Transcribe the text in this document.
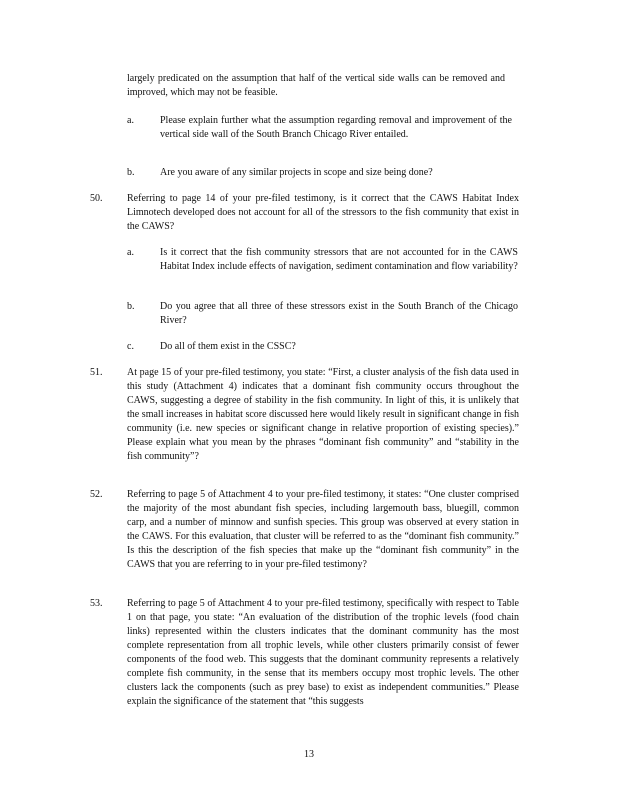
largely predicated on the assumption that half of the vertical side walls can be removed and improved, which may not be feasible.
a.	Please explain further what the assumption regarding removal and improvement of the vertical side wall of the South Branch Chicago River entailed.
b.	Are you aware of any similar projects in scope and size being done?
50. Referring to page 14 of your pre-filed testimony, is it correct that the CAWS Habitat Index Limnotech developed does not account for all of the stressors to the fish community that exist in the CAWS?
a.	Is it correct that the fish community stressors that are not accounted for in the CAWS Habitat Index include effects of navigation, sediment contamination and flow variability?
b.	Do you agree that all three of these stressors exist in the South Branch of the Chicago River?
c.	Do all of them exist in the CSSC?
51. At page 15 of your pre-filed testimony, you state: “First, a cluster analysis of the fish data used in this study (Attachment 4) indicates that a dominant fish community occurs throughout the CAWS, suggesting a degree of stability in the fish community. In light of this, it is unlikely that the small increases in habitat score discussed here would likely result in significant change in fish community (i.e. new species or significant change in relative proportion of existing species).” Please explain what you mean by the phrases “dominant fish community” and “stability in the fish community”?
52. Referring to page 5 of Attachment 4 to your pre-filed testimony, it states: “One cluster comprised the majority of the most abundant fish species, including largemouth bass, bluegill, common carp, and a number of minnow and sunfish species. This group was observed at every station in the CAWS. For this evaluation, that cluster will be referred to as the “dominant fish community.” Is this the description of the fish species that make up the “dominant fish community” in the CAWS that you are referring to in your pre-filed testimony?
53. Referring to page 5 of Attachment 4 to your pre-filed testimony, specifically with respect to Table 1 on that page, you state: “An evaluation of the distribution of the trophic levels (food chain links) represented within the clusters indicates that the dominant community has the most complete representation from all trophic levels, while other clusters primarily consist of fewer components of the food web. This suggests that the dominant community represents a relatively complete fish community, in the sense that its members occupy most trophic levels. The other clusters lack the components (such as prey base) to exist as independent communities.” Please explain the significance of the statement that “this suggests
13
